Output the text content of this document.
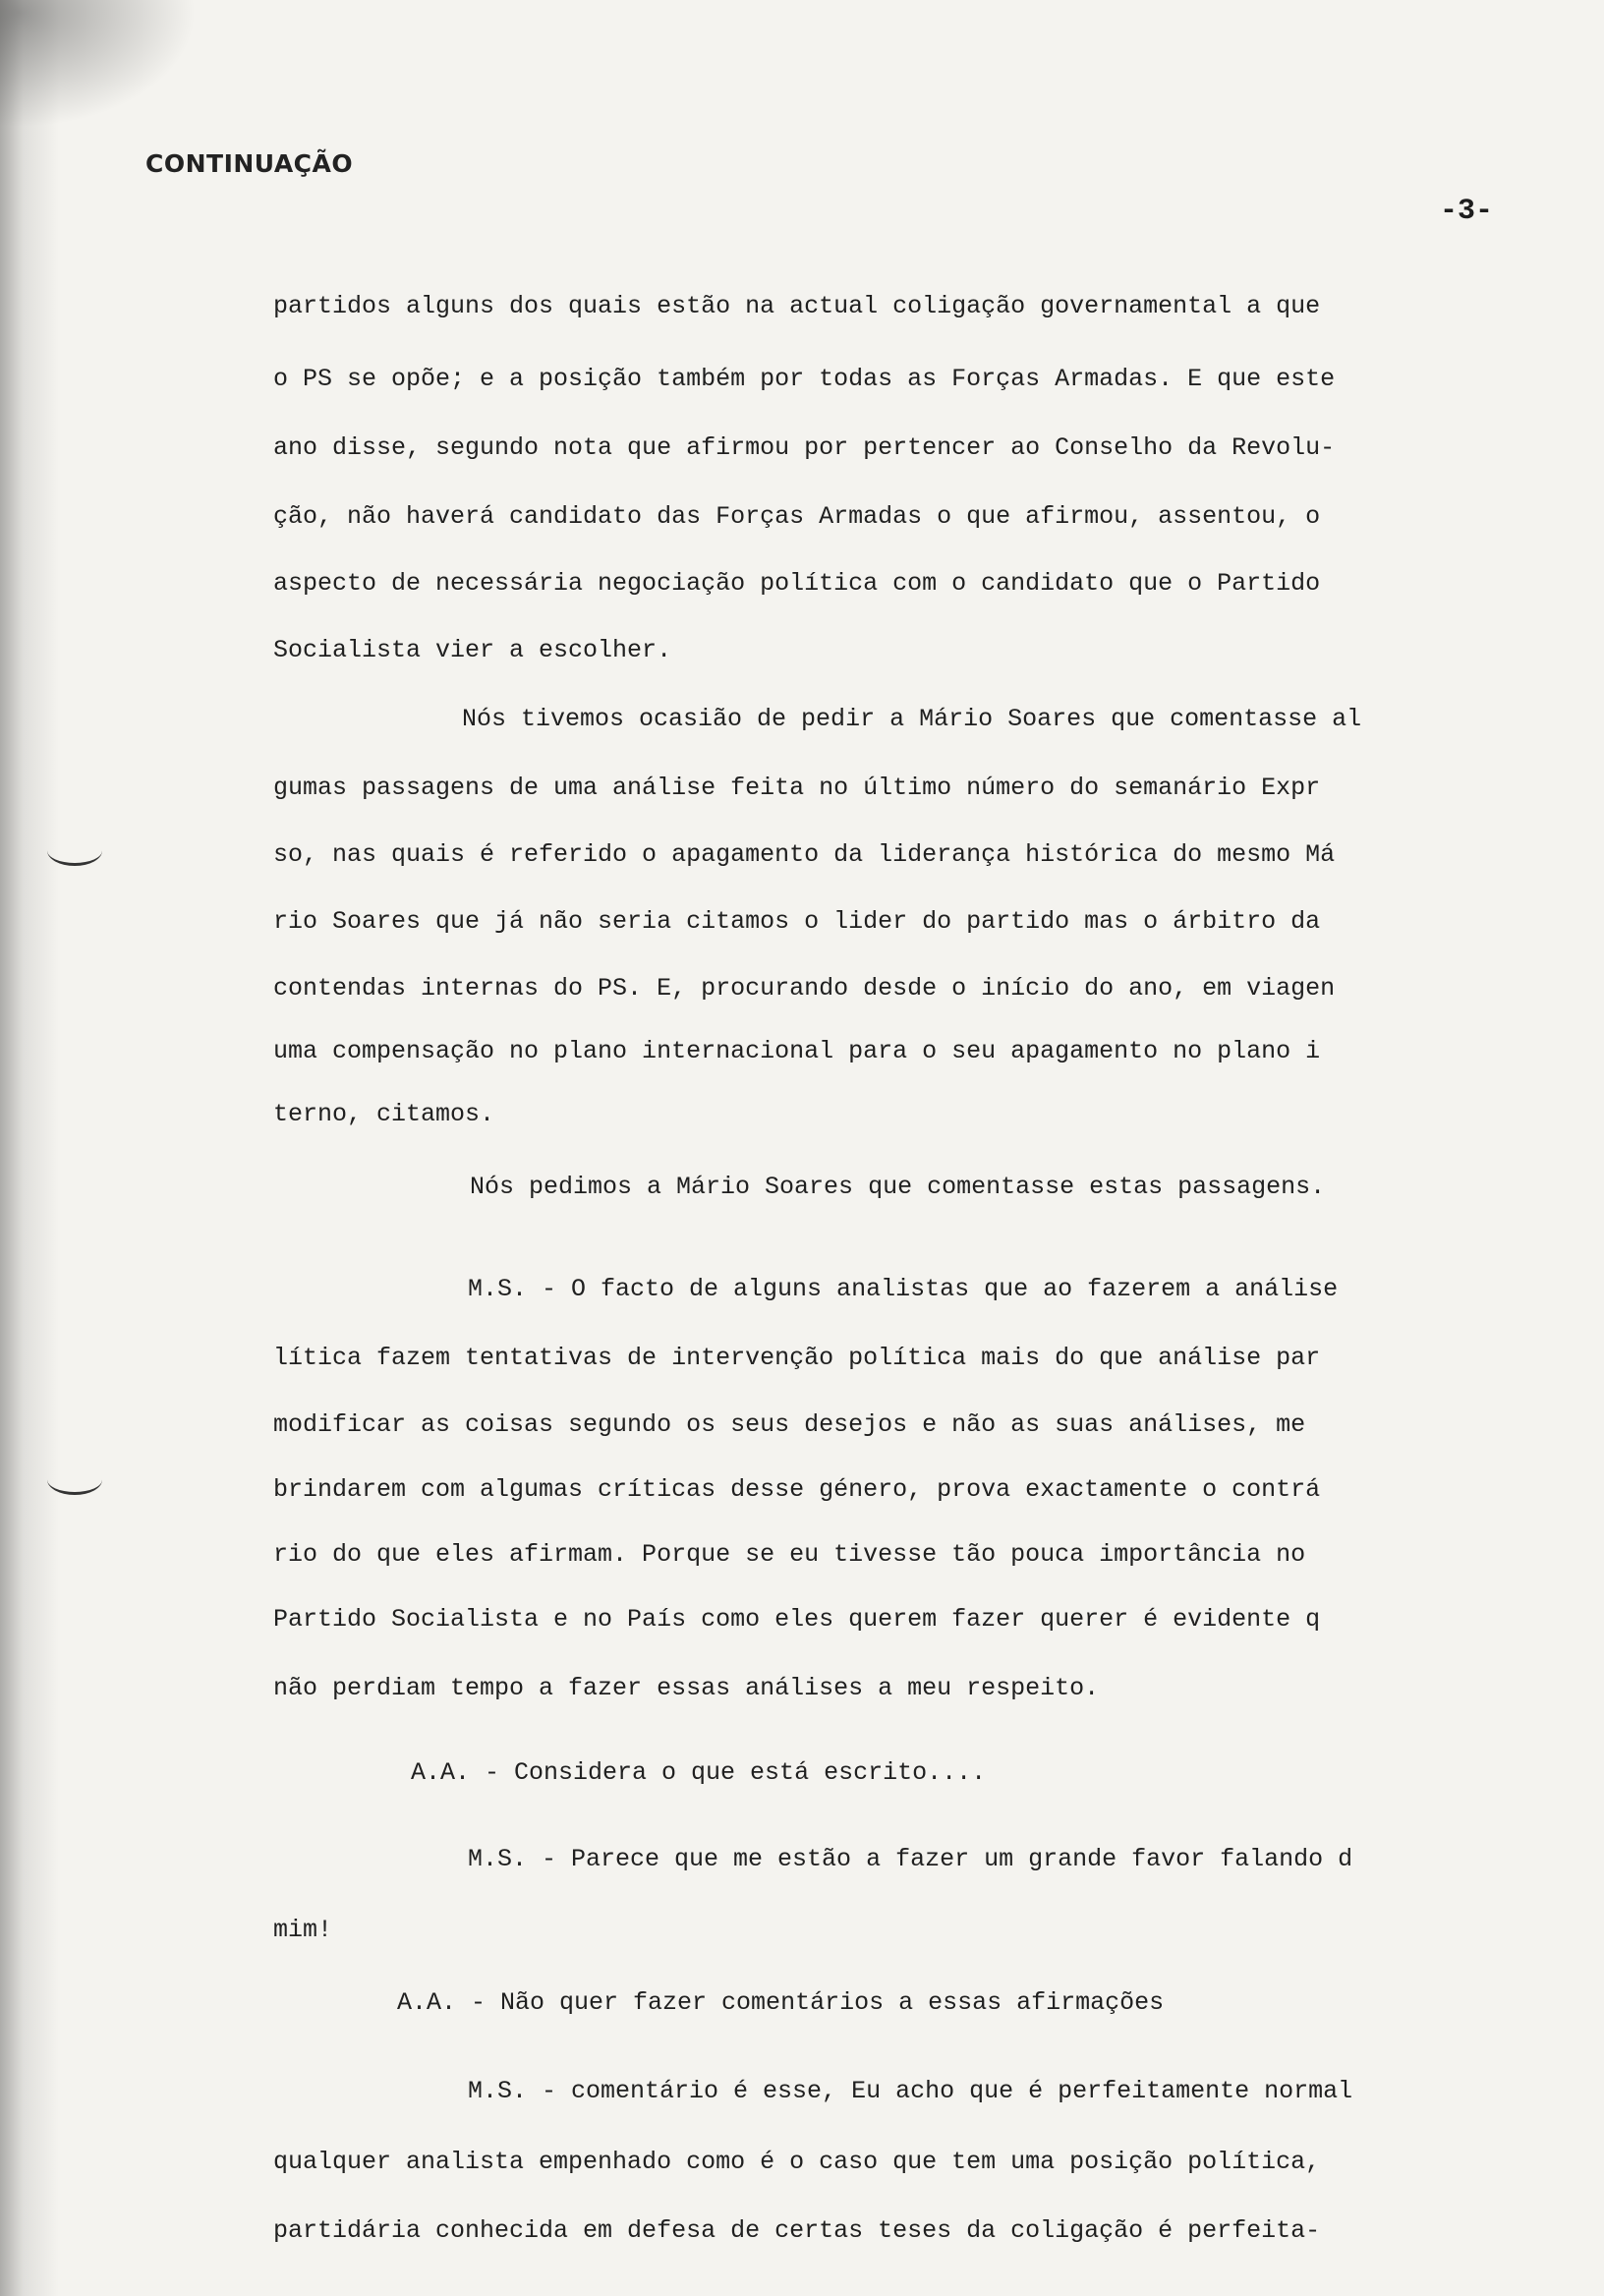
CONTINUAÇÃO
-3-

partidos alguns dos quais estão na actual coligação governamental a que

o PS se opõe; e a posição também por todas as Forças Armadas. E que este

ano disse, segundo nota que afirmou por pertencer ao Conselho da Revolu-

ção, não haverá candidato das Forças Armadas o que afirmou, assentou, o

aspecto de necessária negociação política com o candidato que o Partido

Socialista vier a escolher.

Nós tivemos ocasião de pedir a Mário Soares que comentasse al

gumas passagens de uma análise feita no último número do semanário Expr

so, nas quais é referido o apagamento da liderança histórica do mesmo Má

rio Soares que já não seria citamos o lider do partido mas o árbitro da

contendas internas do PS. E, procurando desde o início do ano, em viagen

uma compensação no plano internacional para o seu apagamento no plano i

terno, citamos.

Nós pedimos a Mário Soares que comentasse estas passagens.

M.S. - O facto de alguns analistas que ao fazerem a análise

lítica fazem tentativas de intervenção política mais do que análise par

modificar as coisas segundo os seus desejos e não as suas análises, me

brindarem com algumas críticas desse género, prova exactamente o contrá

rio do que eles afirmam. Porque se eu tivesse tão pouca importância no

Partido Socialista e no País como eles querem fazer querer é evidente q

não perdiam tempo a fazer essas análises a meu respeito.

A.A. - Considera o que está escrito....

M.S. - Parece que me estão a fazer um grande favor falando d

mim!

A.A. - Não quer fazer comentários a essas afirmações

M.S. - comentário é esse, Eu acho que é perfeitamente normal

qualquer analista empenhado como é o caso que tem uma posição política,

partidária conhecida em defesa de certas teses da coligação é perfeita-
